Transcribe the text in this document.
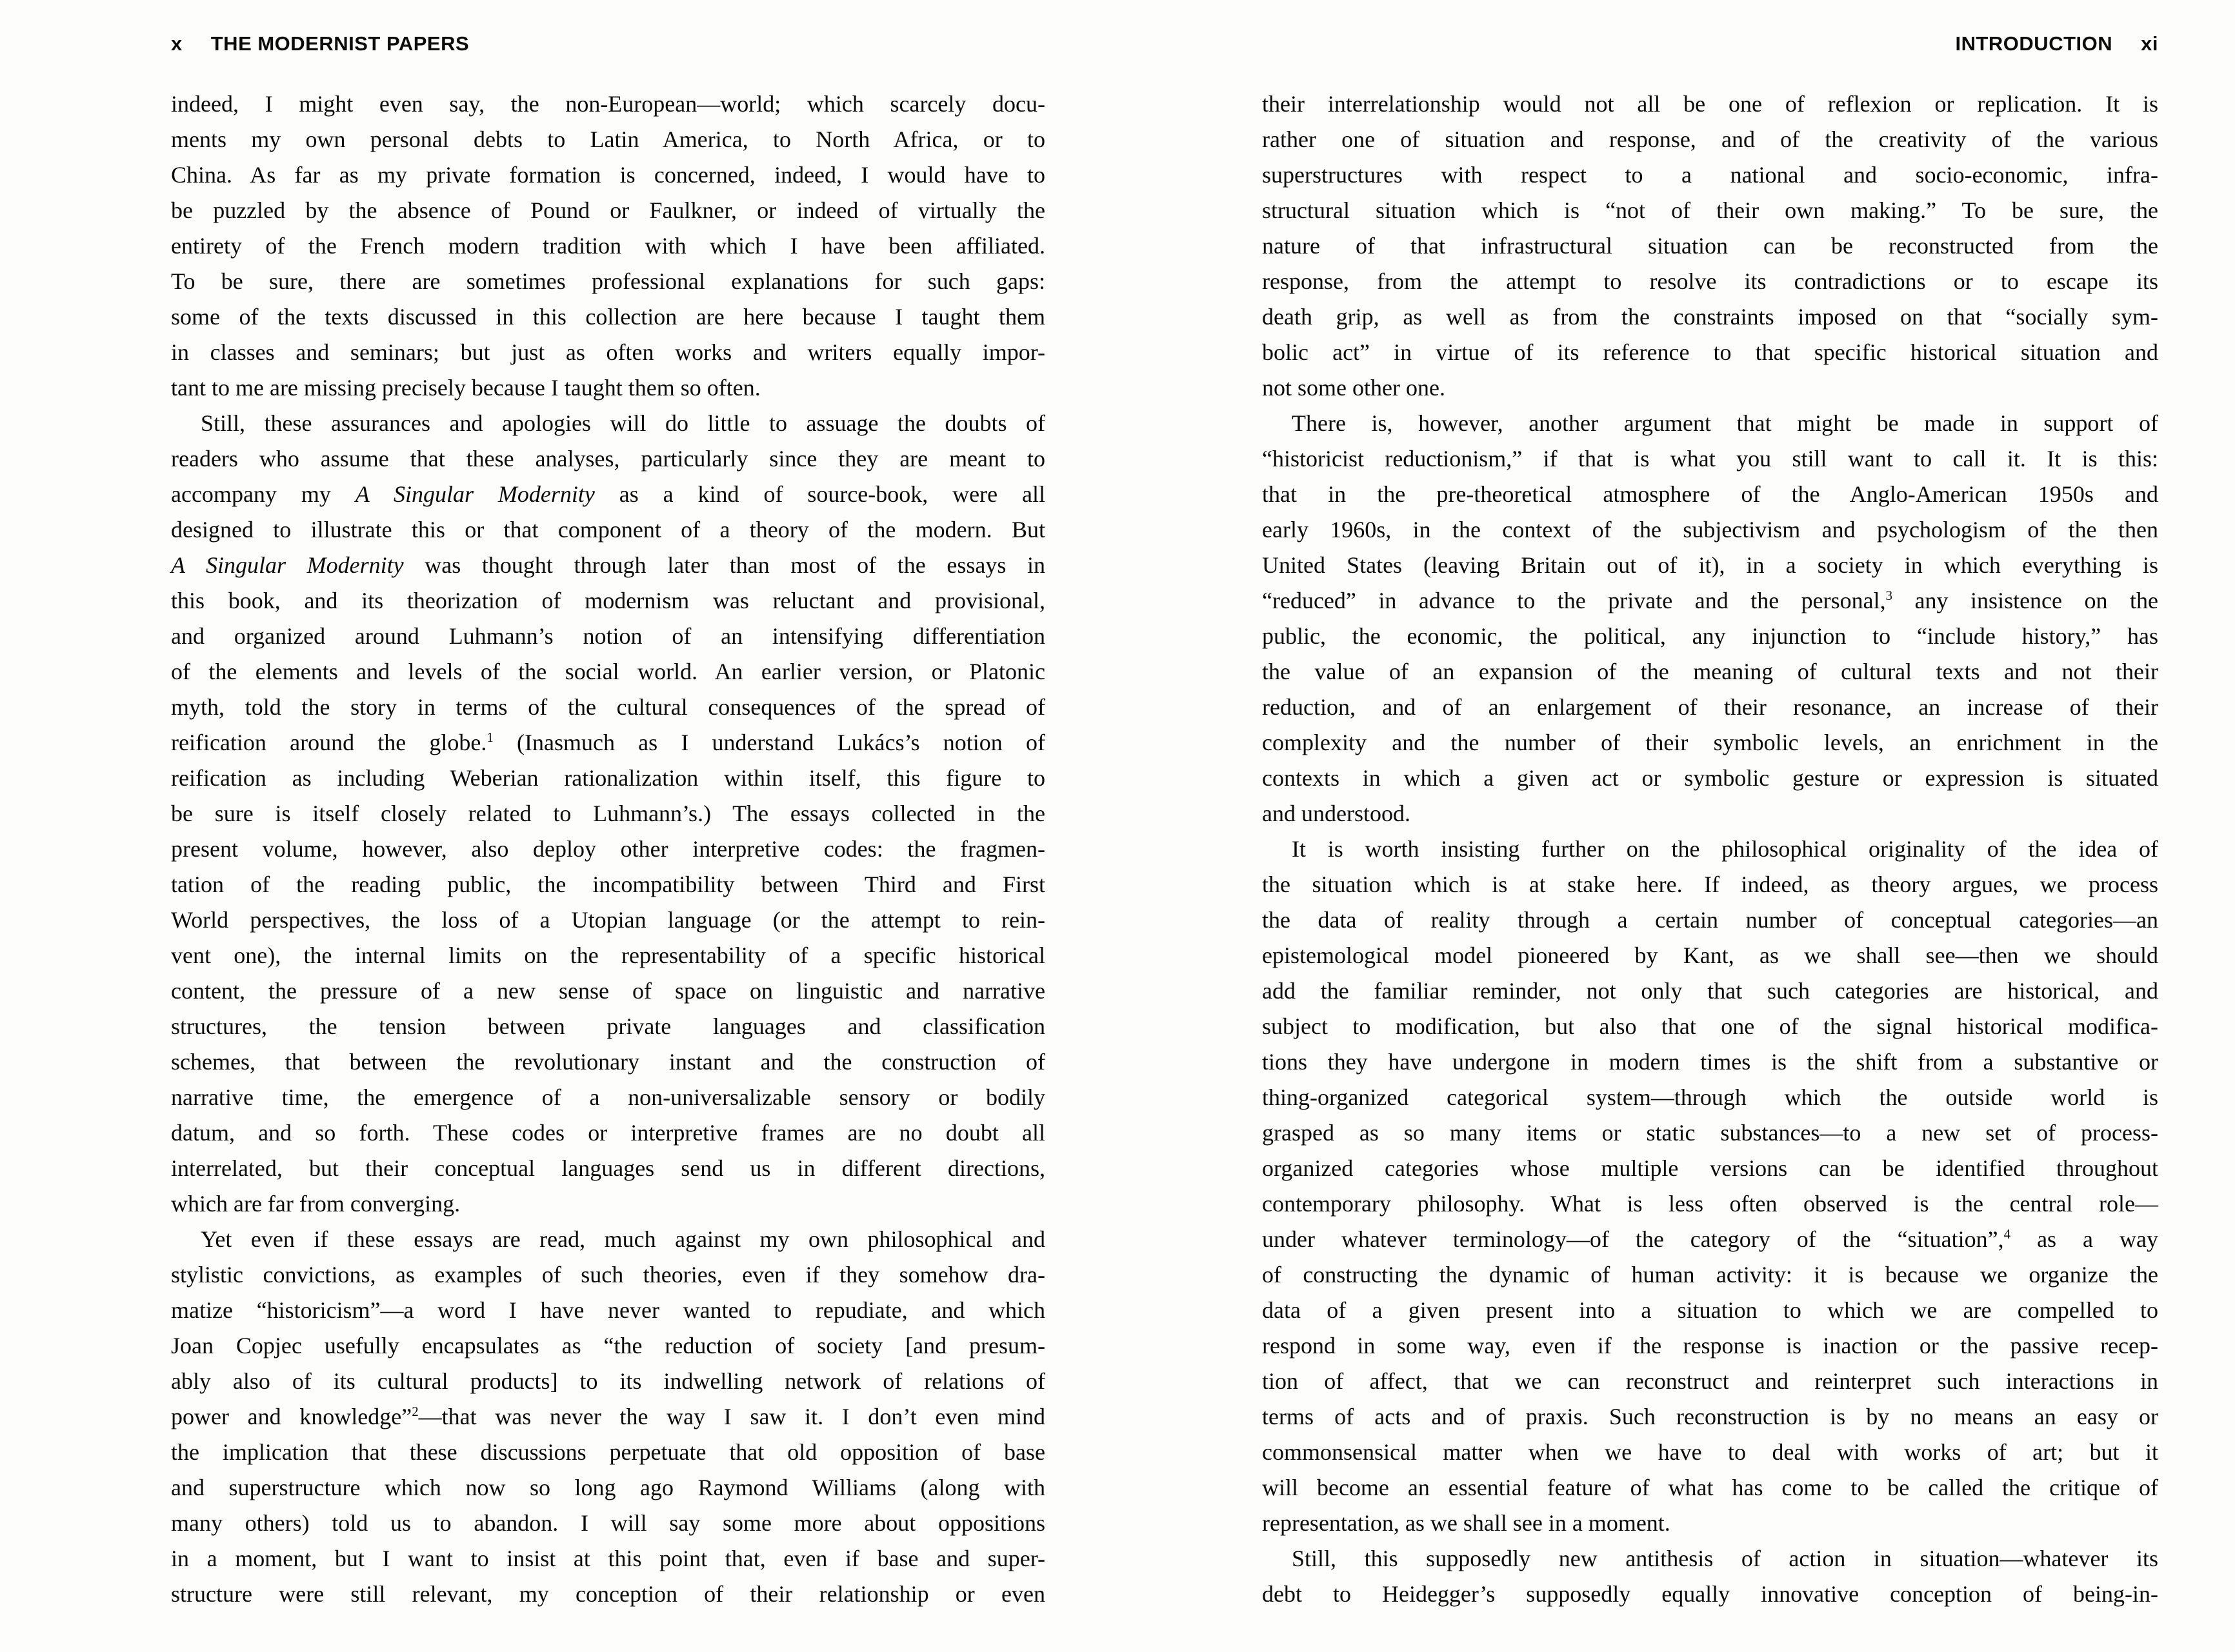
x THE MODERNIST PAPERS
indeed, I might even say, the non-European—world; which scarcely docu-
ments my own personal debts to Latin America, to North Africa, or to
China. As far as my private formation is concerned, indeed, I would have to
be puzzled by the absence of Pound or Faulkner, or indeed of virtually the
entirety of the French modern tradition with which I have been affiliated.
To be sure, there are sometimes professional explanations for such gaps:
some of the texts discussed in this collection are here because I taught them
in classes and seminars; but just as often works and writers equally impor-
tant to me are missing precisely because I taught them so often.
Still, these assurances and apologies will do little to assuage the doubts of
readers who assume that these analyses, particularly since they are meant to
accompany my A Singular Modernity as a kind of source-book, were all
designed to illustrate this or that component of a theory of the modern. But
A Singular Modernity was thought through later than most of the essays in
this book, and its theorization of modernism was reluctant and provisional,
and organized around Luhmann’s notion of an intensifying differentiation
of the elements and levels of the social world. An earlier version, or Platonic
myth, told the story in terms of the cultural consequences of the spread of
reification around the globe.$^1$ (Inasmuch as I understand Lukács’s notion of
reification as including Weberian rationalization within itself, this figure to
be sure is itself closely related to Luhmann’s.) The essays collected in the
present volume, however, also deploy other interpretive codes: the fragmen-
tation of the reading public, the incompatibility between Third and First
World perspectives, the loss of a Utopian language (or the attempt to rein-
vent one), the internal limits on the representability of a specific historical
content, the pressure of a new sense of space on linguistic and narrative
structures, the tension between private languages and classification
schemes, that between the revolutionary instant and the construction of
narrative time, the emergence of a non-universalizable sensory or bodily
datum, and so forth. These codes or interpretive frames are no doubt all
interrelated, but their conceptual languages send us in different directions,
which are far from converging.
Yet even if these essays are read, much against my own philosophical and
stylistic convictions, as examples of such theories, even if they somehow dra-
matize “historicism”—a word I have never wanted to repudiate, and which
Joan Copjec usefully encapsulates as “the reduction of society [and presum-
ably also of its cultural products] to its indwelling network of relations of
power and knowledge”$^2$—that was never the way I saw it. I don’t even mind
the implication that these discussions perpetuate that old opposition of base
and superstructure which now so long ago Raymond Williams (along with
many others) told us to abandon. I will say some more about oppositions
in a moment, but I want to insist at this point that, even if base and super-
structure were still relevant, my conception of their relationship or even
INTRODUCTION xi
their interrelationship would not all be one of reflexion or replication. It is
rather one of situation and response, and of the creativity of the various
superstructures with respect to a national and socio-economic, infra-
structural situation which is “not of their own making.” To be sure, the
nature of that infrastructural situation can be reconstructed from the
response, from the attempt to resolve its contradictions or to escape its
death grip, as well as from the constraints imposed on that “socially sym-
bolic act” in virtue of its reference to that specific historical situation and
not some other one.
There is, however, another argument that might be made in support of
“historicist reductionism,” if that is what you still want to call it. It is this:
that in the pre-theoretical atmosphere of the Anglo-American 1950s and
early 1960s, in the context of the subjectivism and psychologism of the then
United States (leaving Britain out of it), in a society in which everything is
“reduced” in advance to the private and the personal,$^3$ any insistence on the
public, the economic, the political, any injunction to “include history,” has
the value of an expansion of the meaning of cultural texts and not their
reduction, and of an enlargement of their resonance, an increase of their
complexity and the number of their symbolic levels, an enrichment in the
contexts in which a given act or symbolic gesture or expression is situated
and understood.
It is worth insisting further on the philosophical originality of the idea of
the situation which is at stake here. If indeed, as theory argues, we process
the data of reality through a certain number of conceptual categories—an
epistemological model pioneered by Kant, as we shall see—then we should
add the familiar reminder, not only that such categories are historical, and
subject to modification, but also that one of the signal historical modifica-
tions they have undergone in modern times is the shift from a substantive or
thing-organized categorical system—through which the outside world is
grasped as so many items or static substances—to a new set of process-
organized categories whose multiple versions can be identified throughout
contemporary philosophy. What is less often observed is the central role—
under whatever terminology—of the category of the “situation”,$^4$ as a way
of constructing the dynamic of human activity: it is because we organize the
data of a given present into a situation to which we are compelled to
respond in some way, even if the response is inaction or the passive recep-
tion of affect, that we can reconstruct and reinterpret such interactions in
terms of acts and of praxis. Such reconstruction is by no means an easy or
commonsensical matter when we have to deal with works of art; but it
will become an essential feature of what has come to be called the critique of
representation, as we shall see in a moment.
Still, this supposedly new antithesis of action in situation—whatever its
debt to Heidegger’s supposedly equally innovative conception of being-in-
